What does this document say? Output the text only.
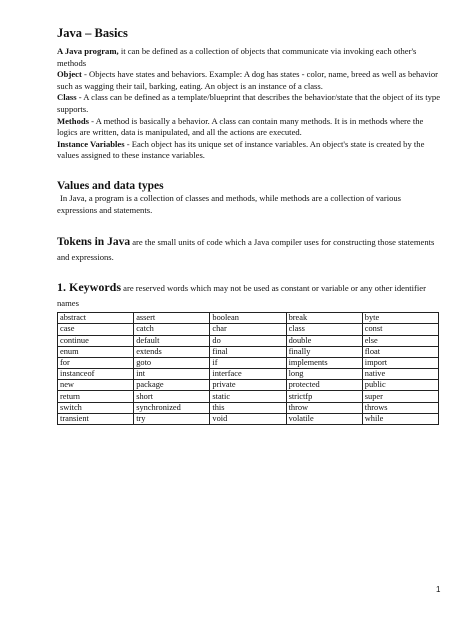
Java – Basics

A Java program, it can be defined as a collection of objects that communicate via invoking each other's methods

Object - Objects have states and behaviors. Example: A dog has states - color, name, breed as well as behavior such as wagging their tail, barking, eating. An object is an instance of a class.

Class - A class can be defined as a template/blueprint that describes the behavior/state that the object of its type supports.

Methods - A method is basically a behavior. A class can contain many methods. It is in methods where the logics are written, data is manipulated, and all the actions are executed.

Instance Variables - Each object has its unique set of instance variables. An object's state is created by the values assigned to these instance variables.

Values and data types

In Java, a program is a collection of classes and methods, while methods are a collection of various expressions and statements.

Tokens in Java are the small units of code which a Java compiler uses for constructing those statements and expressions.
1. Keywords are reserved words which may not be used as constant or variable or any other identifier names
abstract	assert	boolean	break	byte
case	catch	char	class	const
continue	default	do	double	else
enum	extends	final	finally	float
for	goto	if	implements	import
instanceof	int	interface	long	native
new	package	private	protected	public
return	short	static	strictfp	super
switch	synchronized	this	throw	throws
transient	try	void	volatile	while
1
